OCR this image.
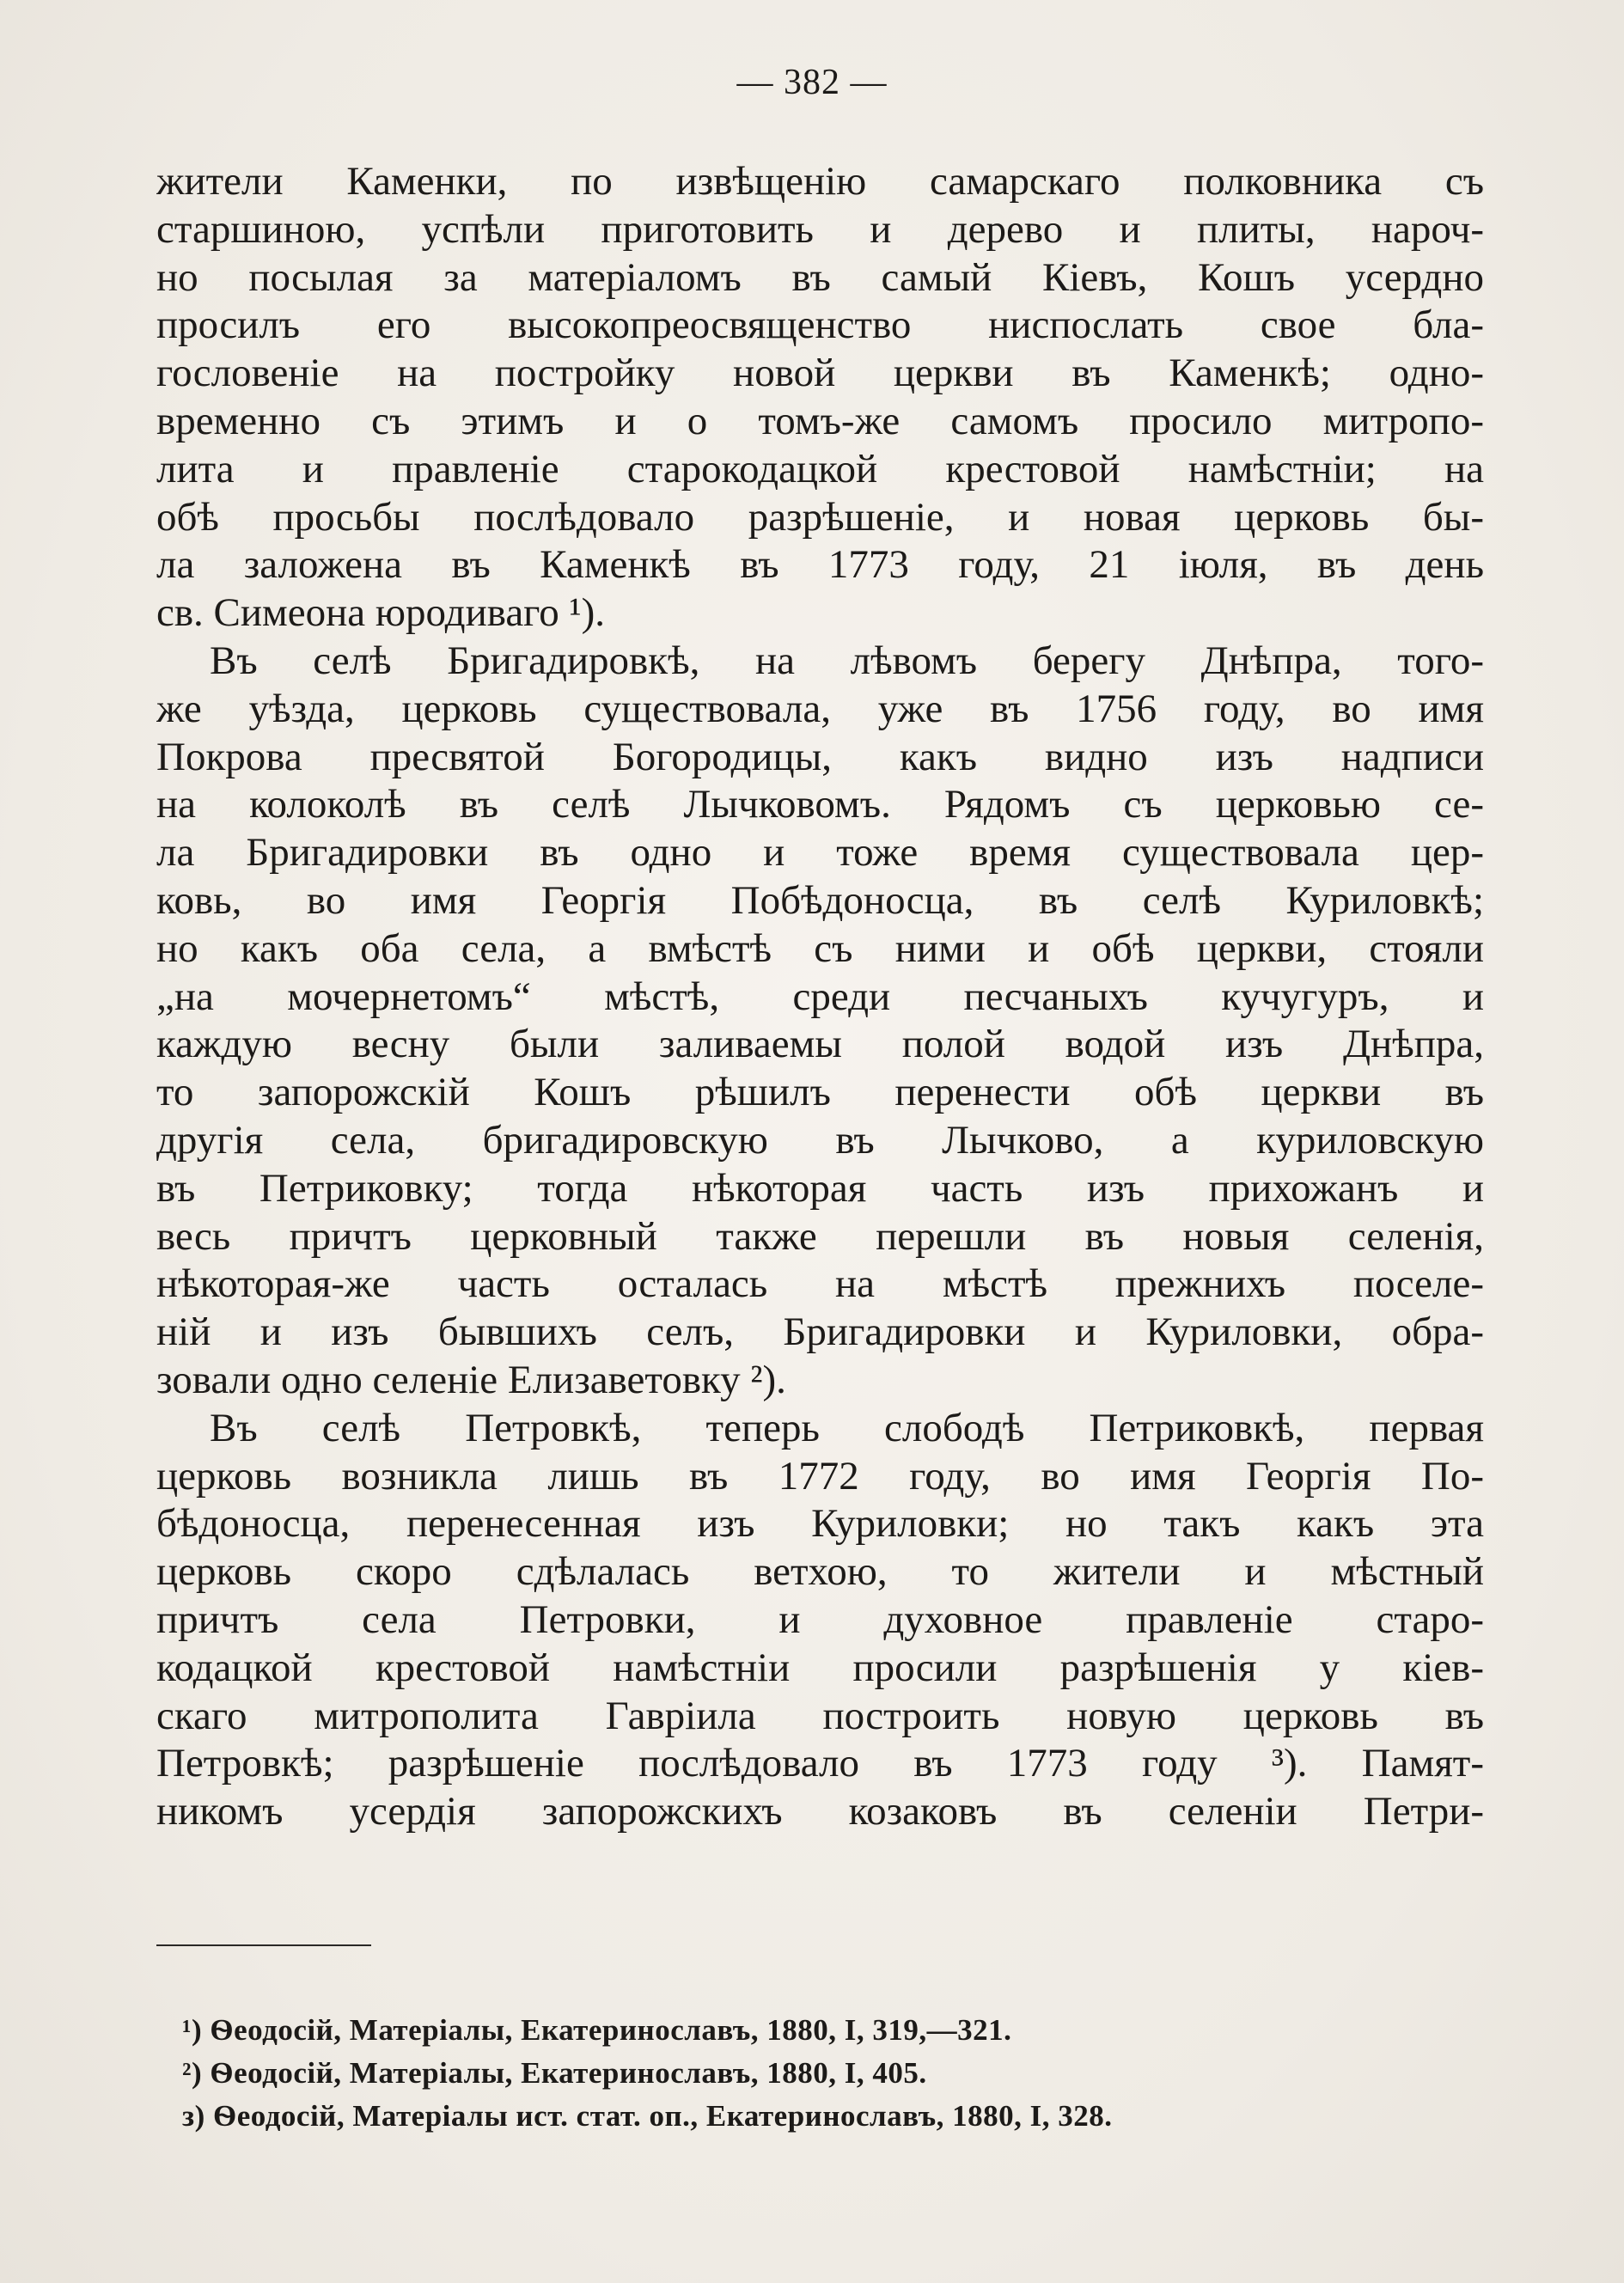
— 382 —
жители Каменки, по извѣщенію самарскаго полковника съ
старшиною, успѣли приготовить и дерево и плиты, нароч-
но посылая за матеріаломъ въ самый Кіевъ, Кошъ усердно
просилъ его высокопреосвященство ниспослать свое бла-
гословеніе на постройку новой церкви въ Каменкѣ; одно-
временно съ этимъ и о томъ-же самомъ просило митропо-
лита и правленіе старокодацкой крестовой намѣстніи; на
обѣ просьбы послѣдовало разрѣшеніе, и новая церковь бы-
ла заложена въ Каменкѣ въ 1773 году, 21 іюля, въ день
св. Симеона юродиваго ¹).
Въ селѣ Бригадировкѣ, на лѣвомъ берегу Днѣпра, того-
же уѣзда, церковь существовала, уже въ 1756 году, во имя
Покрова пресвятой Богородицы, какъ видно изъ надписи
на колоколѣ въ селѣ Лычковомъ. Рядомъ съ церковью се-
ла Бригадировки въ одно и тоже время существовала цер-
ковь, во имя Георгія Побѣдоносца, въ селѣ Куриловкѣ;
но какъ оба села, а вмѣстѣ съ ними и обѣ церкви, стояли
„на мочернетомъ“ мѣстѣ, среди песчаныхъ кучугуръ, и
каждую весну были заливаемы полой водой изъ Днѣпра,
то запорожскій Кошъ рѣшилъ перенести обѣ церкви въ
другія села, бригадировскую въ Лычково, а куриловскую
въ Петриковку; тогда нѣкоторая часть изъ прихожанъ и
весь причтъ церковный также перешли въ новыя селенія,
нѣкоторая-же часть осталась на мѣстѣ прежнихъ поселе-
ній и изъ бывшихъ селъ, Бригадировки и Куриловки, обра-
зовали одно селеніе Елизаветовку ²).
Въ селѣ Петровкѣ, теперь слободѣ Петриковкѣ, первая
церковь возникла лишь въ 1772 году, во имя Георгія По-
бѣдоносца, перенесенная изъ Куриловки; но такъ какъ эта
церковь скоро сдѣлалась ветхою, то жители и мѣстный
причтъ села Петровки, и духовное правленіе старо-
кодацкой крестовой намѣстніи просили разрѣшенія у кіев-
скаго митрополита Гавріила построить новую церковь въ
Петровкѣ; разрѣшеніе послѣдовало въ 1773 году ³). Памят-
никомъ усердія запорожскихъ козаковъ въ селеніи Петри-
¹) Ѳеодосій, Матеріалы, Екатеринославъ, 1880, I, 319,—321.
²) Ѳеодосій, Матеріалы, Екатеринославъ, 1880, I, 405.
з) Ѳеодосій, Матеріалы ист. стат. оп., Екатеринославъ, 1880, I, 328.
